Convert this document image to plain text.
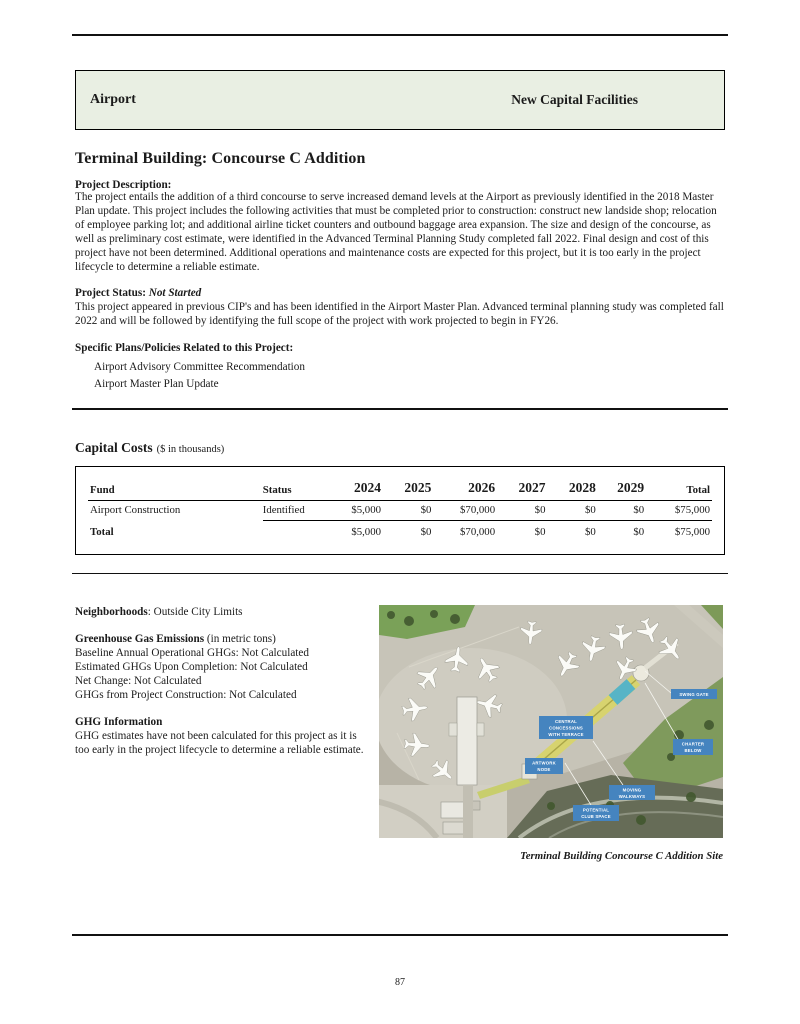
Airport	New Capital Facilities
Terminal Building: Concourse C Addition
Project Description:
The project entails the addition of a third concourse to serve increased demand levels at the Airport as previously identified in the 2018 Master Plan update. This project includes the following activities that must be completed prior to construction: construct new landside shop; relocation of employee parking lot; and additional airline ticket counters and outbound baggage area expansion. The size and design of the concourse, as well as preliminary cost estimate, were identified in the Advanced Terminal Planning Study completed fall 2022. Final design and cost of this project have not been determined. Additional operations and maintenance costs are expected for this project, but it is too early in the project lifecycle to determine a reliable estimate.
Project Status: Not Started
This project appeared in previous CIP's and has been identified in the Airport Master Plan. Advanced terminal planning study was completed fall 2022 and will be followed by identifying the full scope of the project with work projected to begin in FY26.
Specific Plans/Policies Related to this Project:
Airport Advisory Committee Recommendation
Airport Master Plan Update
Capital Costs ($ in thousands)
Fund	Status	2024	2025	2026	2027	2028	2029	Total
Airport Construction	Identified	$5,000	$0	$70,000	$0	$0	$0	$75,000
Total		$5,000	$0	$70,000	$0	$0	$0	$75,000
Neighborhoods: Outside City Limits
Greenhouse Gas Emissions (in metric tons)
Baseline Annual Operational GHGs: Not Calculated
Estimated GHGs Upon Completion: Not Calculated
Net Change: Not Calculated
GHGs from Project Construction: Not Calculated
GHG Information
GHG estimates have not been calculated for this project as it is too early in the project lifecycle to determine a reliable estimate.
SWING GATE
CENTRAL
CONCESSIONS
WITH TERRACE
ARTWORK
NODE
CHARTER
BELOW
MOVING
WALKWAYS
POTENTIAL
CLUB SPACE
Terminal Building Concourse C Addition Site
87
